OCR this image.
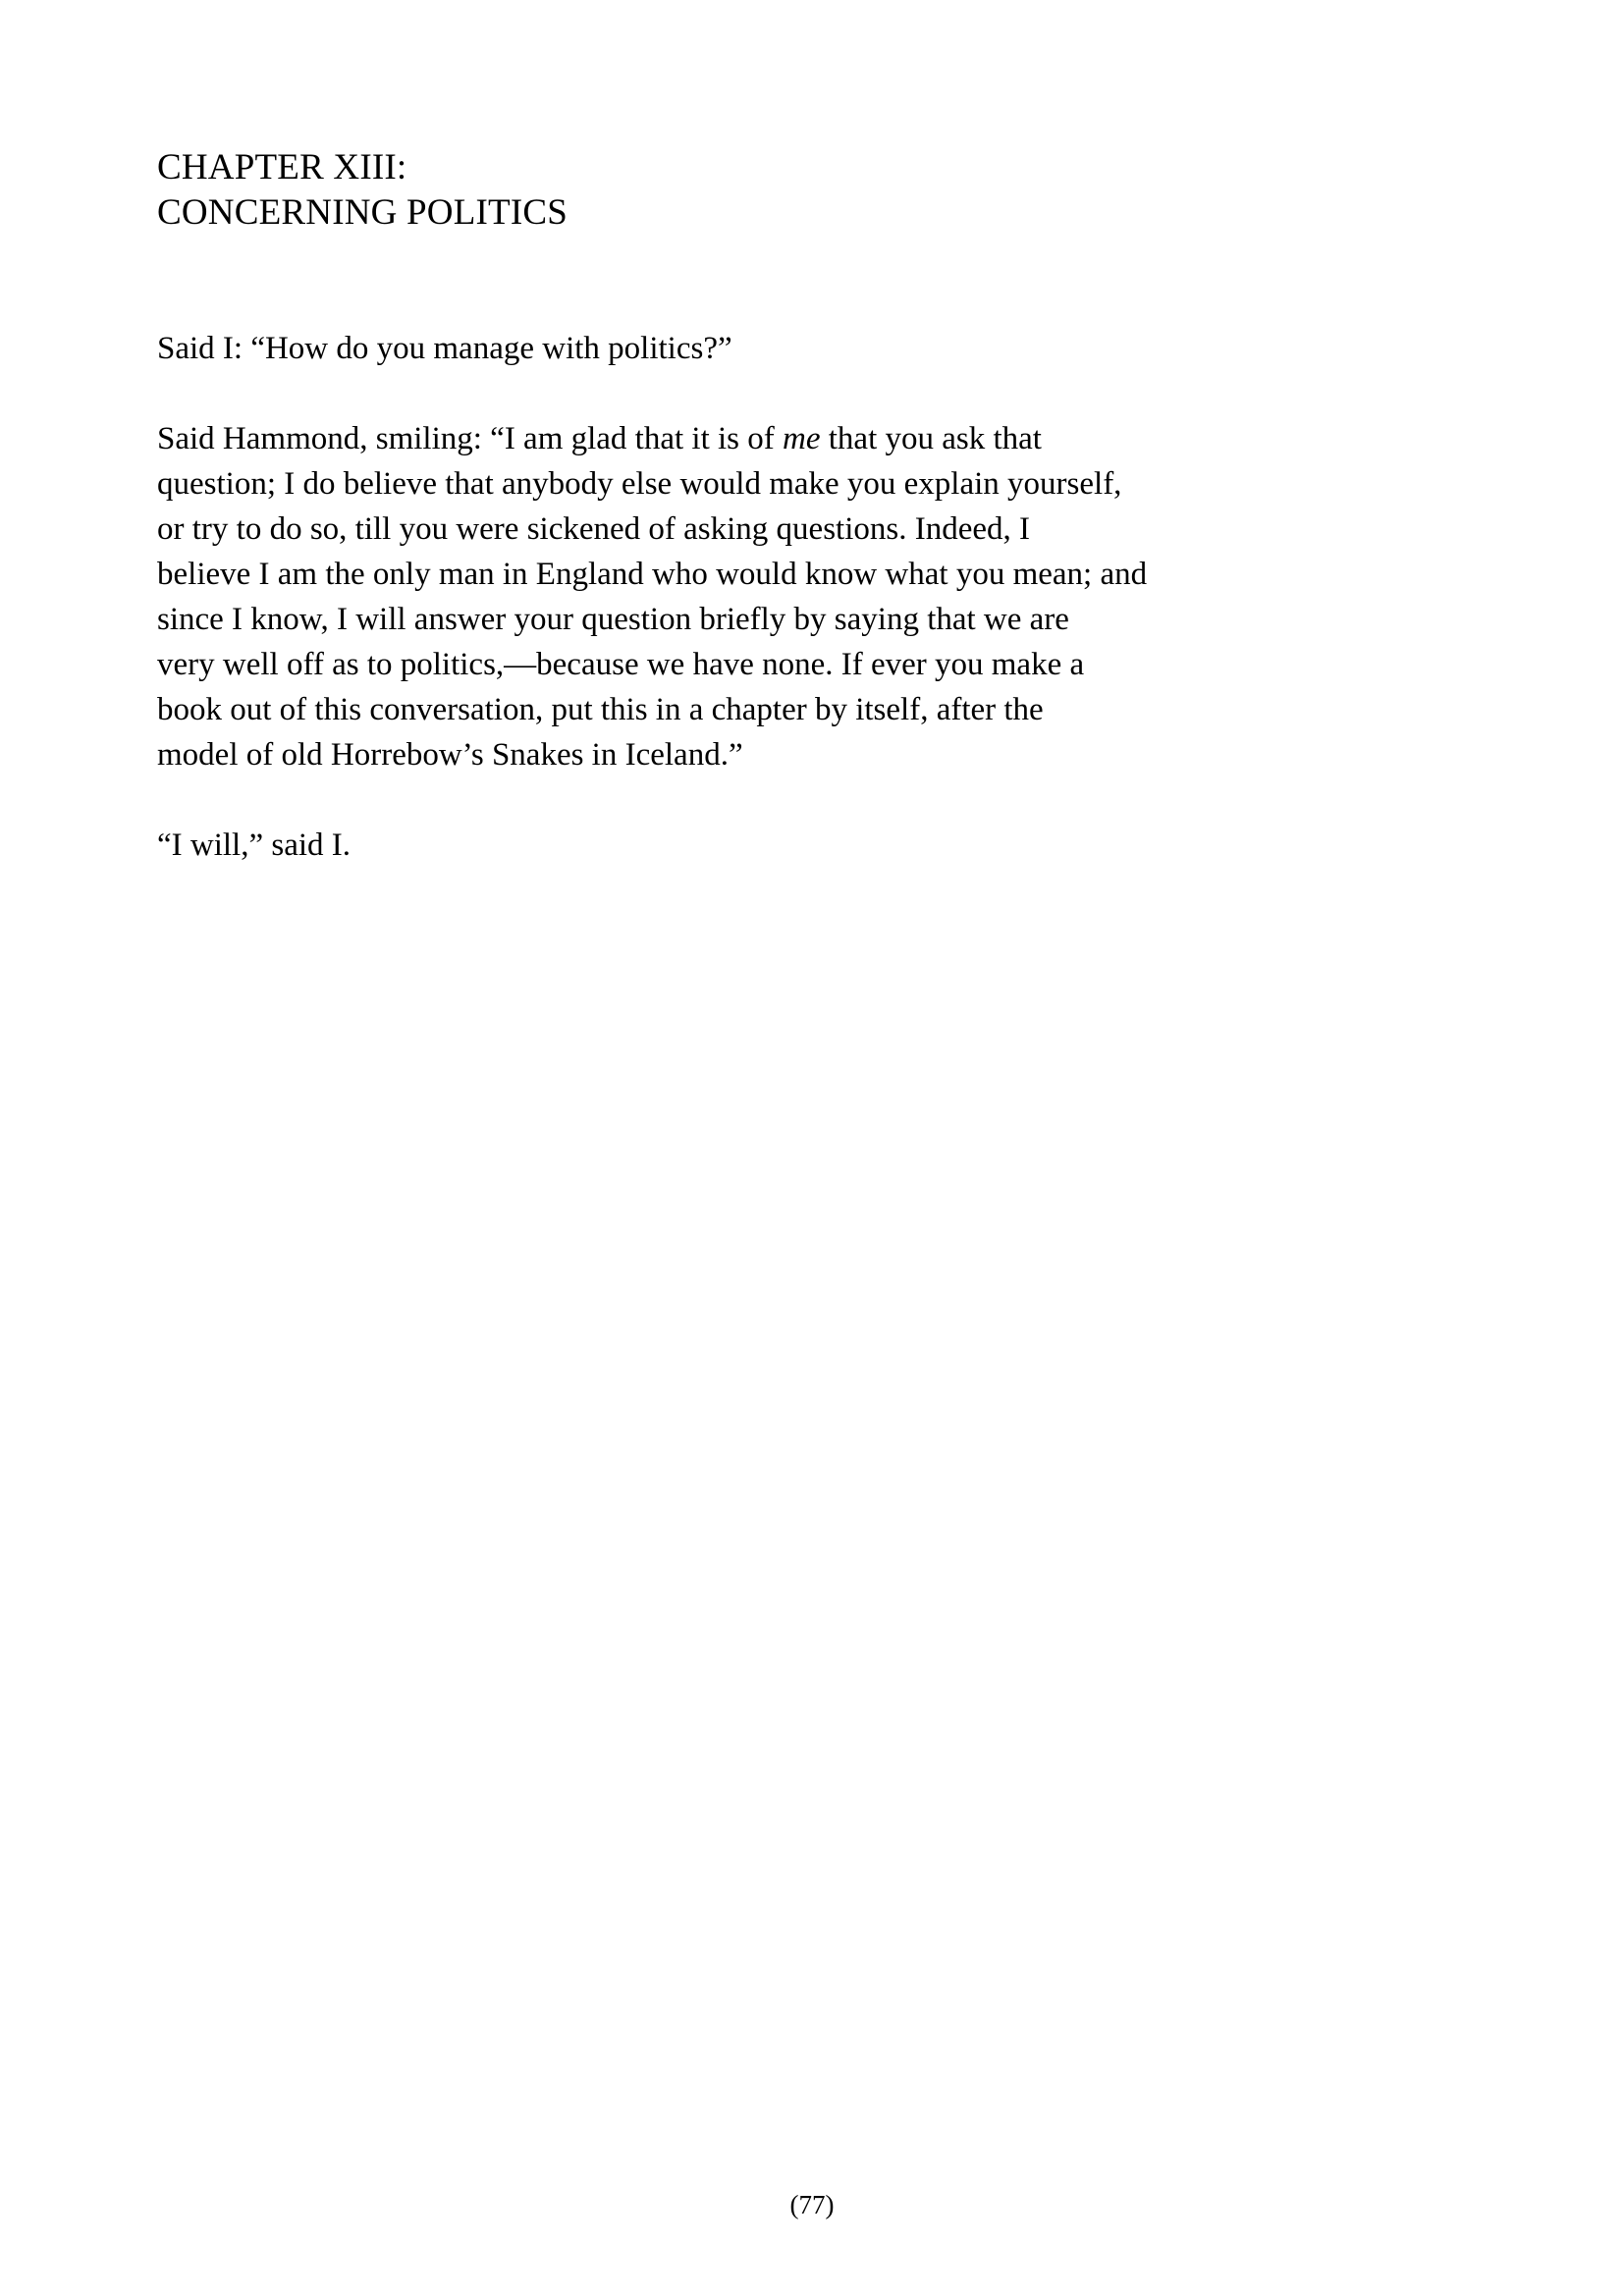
CHAPTER XIII:
CONCERNING POLITICS

Said I: “How do you manage with politics?”

Said Hammond, smiling: “I am glad that it is of me that you ask that
question; I do believe that anybody else would make you explain yourself,
or try to do so, till you were sickened of asking questions. Indeed, I
believe I am the only man in England who would know what you mean; and
since I know, I will answer your question briefly by saying that we are
very well off as to politics,—because we have none. If ever you make a
book out of this conversation, put this in a chapter by itself, after the
model of old Horrebow’s Snakes in Iceland.”

“I will,” said I.

(77)
